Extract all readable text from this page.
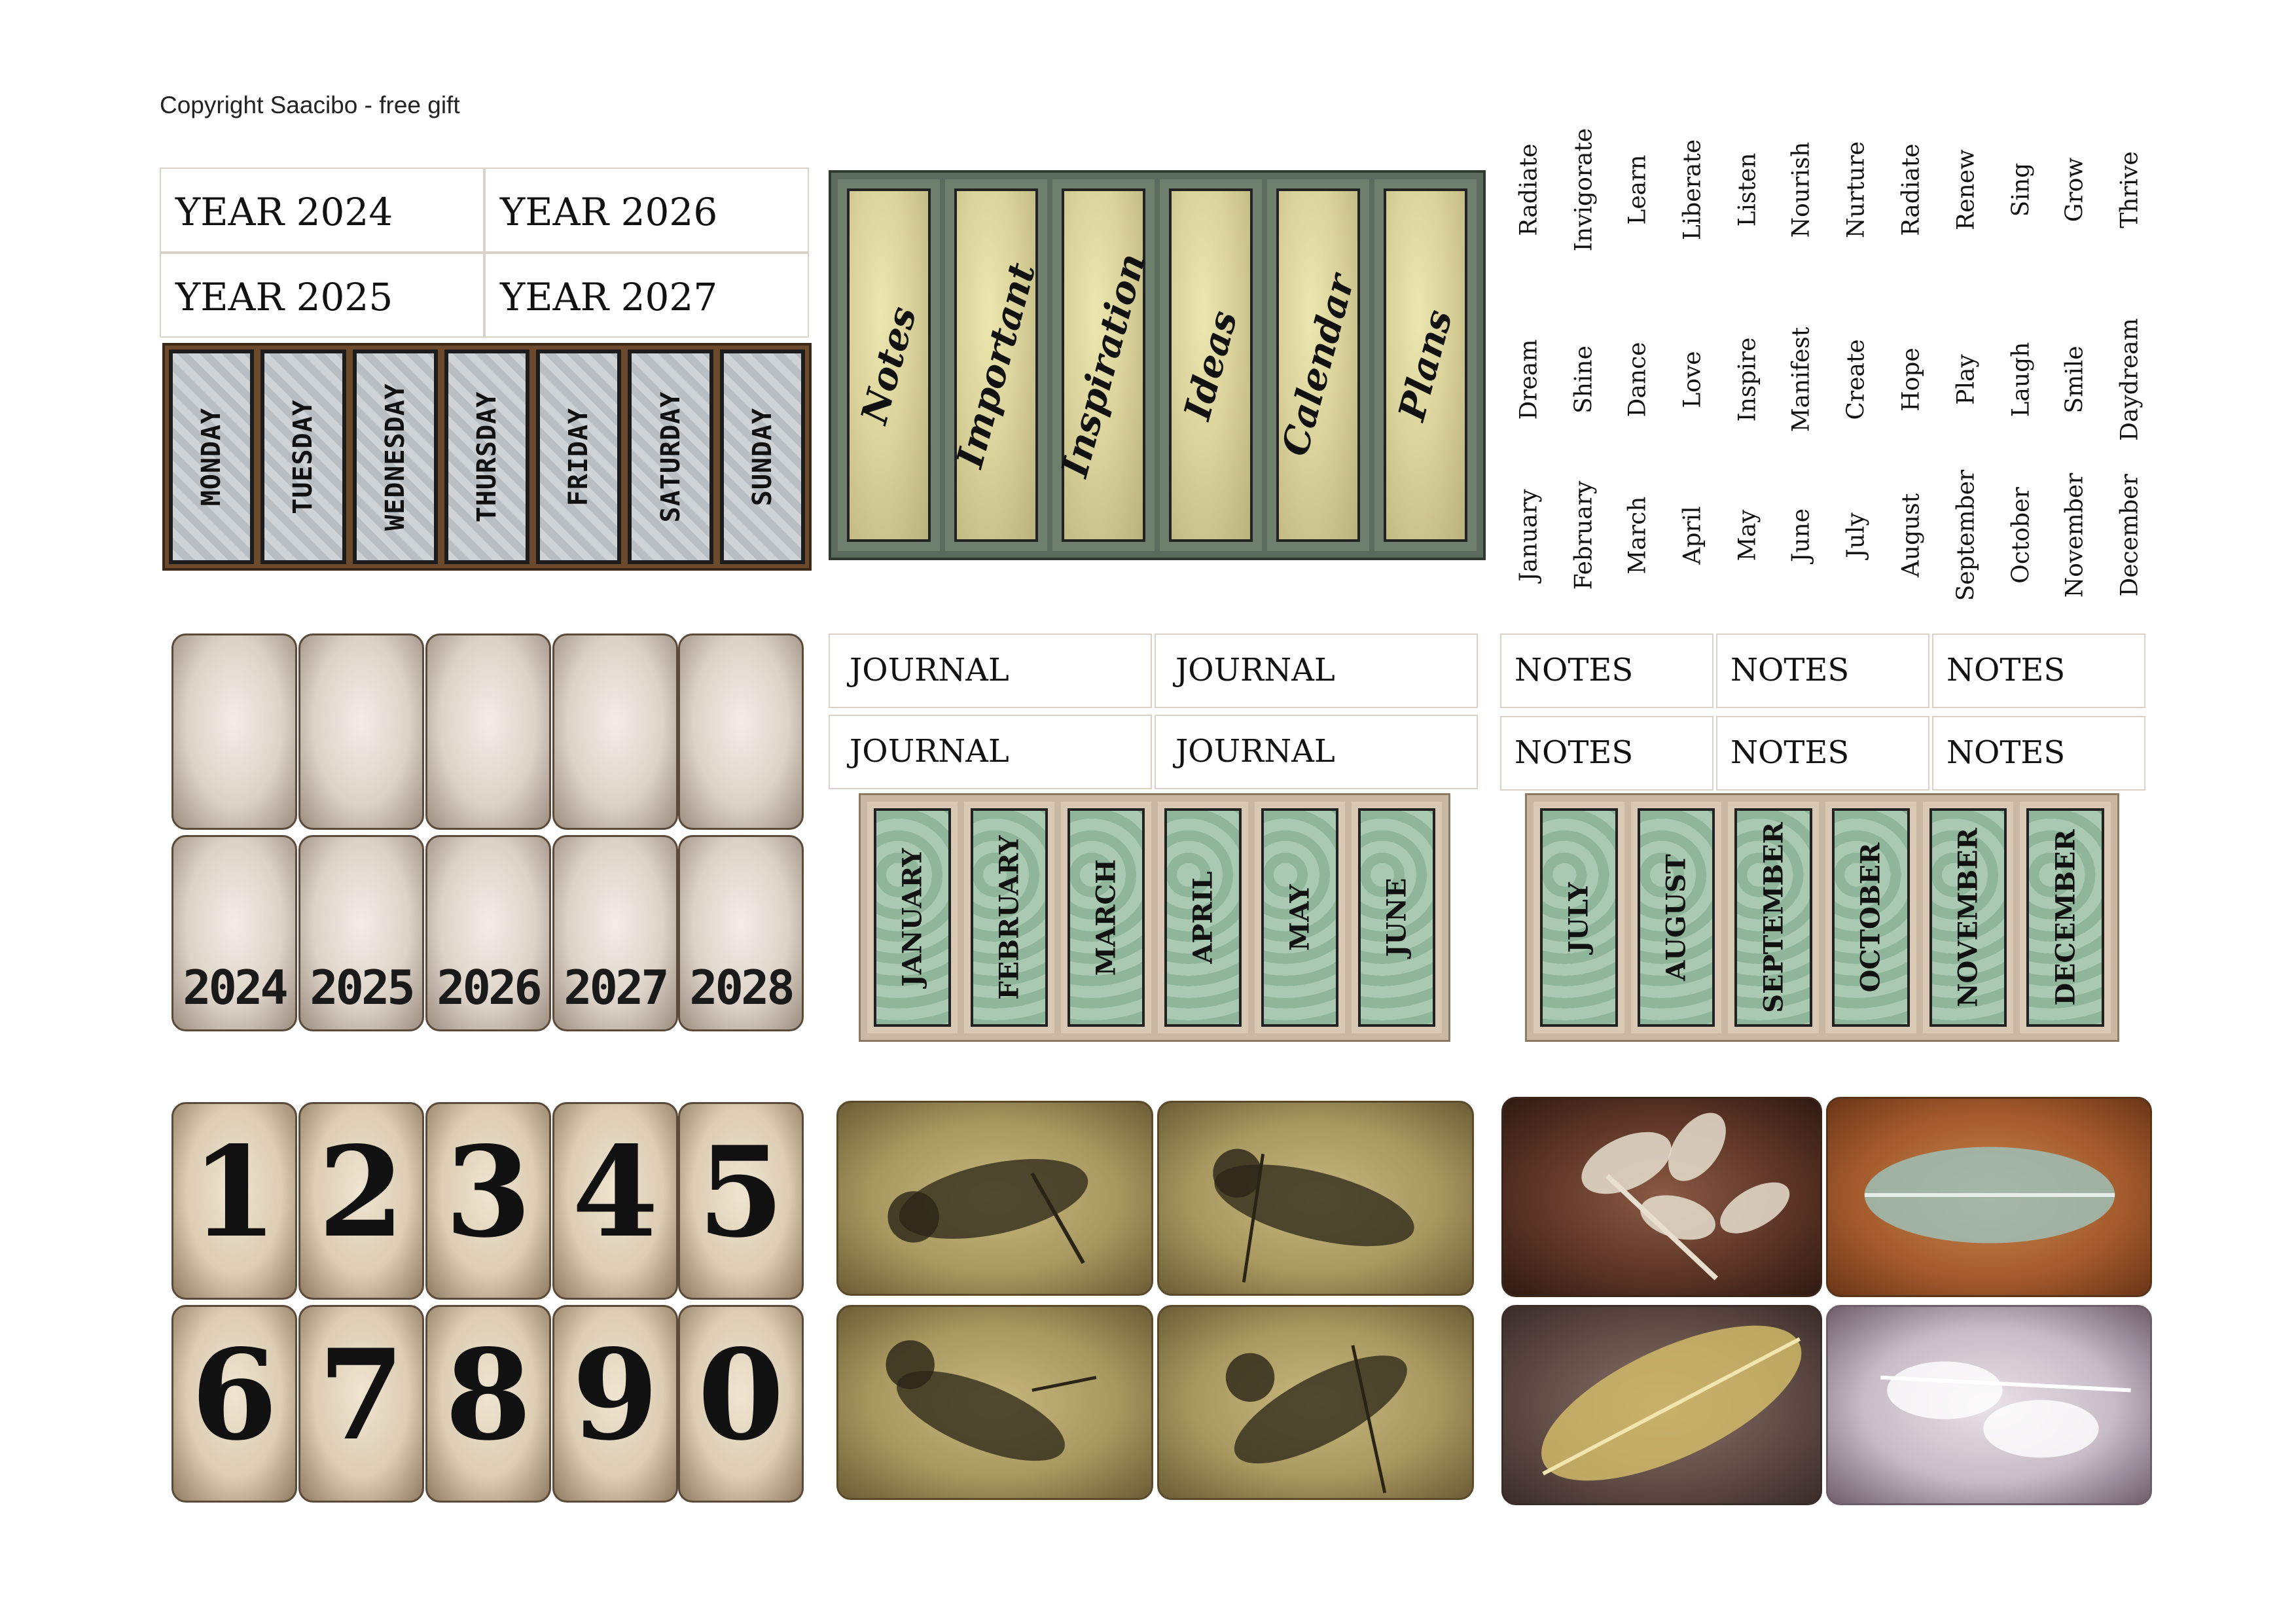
Copyright Saacibo - free gift
YEAR 2024	YEAR 2026
YEAR 2025	YEAR 2027
MONDAY TUESDAY WEDNESDAY THURSDAY FRIDAY SATURDAY SUNDAY
Notes Important Inspiration Ideas Calendar Plans
Radiate Invigorate Learn Liberate Listen Nourish Nurture Radiate Renew Sing Grow Thrive
Dream Shine Dance Love Inspire Manifest Create Hope Play Laugh Smile Daydream
January February March April May June July August September October November December
2024 2025 2026 2027 2028
JOURNAL	JOURNAL
JOURNAL	JOURNAL
NOTES	NOTES	NOTES
NOTES	NOTES	NOTES
JANUARY	FEBRUARY	MARCH	APRIL	MAY	JUNE	JULY	AUGUST	SEPTEMBER	OCTOBER	NOVEMBER	DECEMBER
1 2 3 4 5
6 7 8 9 0
